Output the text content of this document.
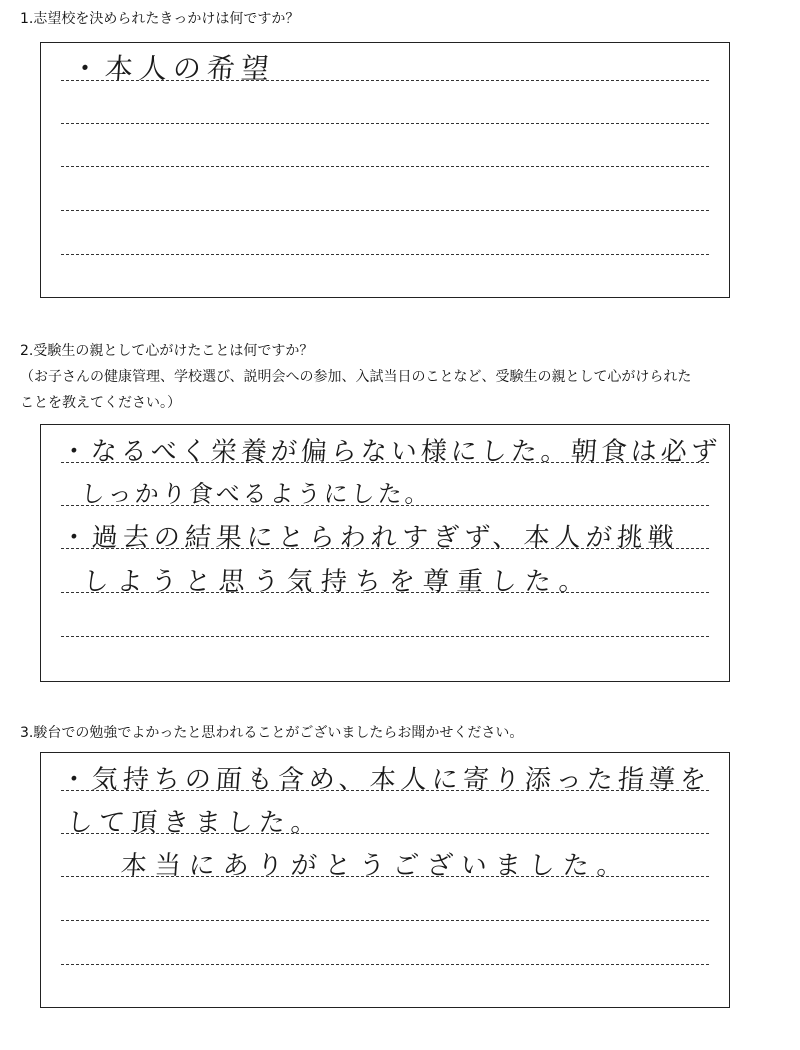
1.志望校を決められたきっかけは何ですか？
・本人の希望
2.受験生の親として心がけたことは何ですか？
（お子さんの健康管理、学校選び、説明会への参加、入試当日のことなど、受験生の親として心がけられた
ことを教えてください。）
・なるべく栄養が偏らない様にした。朝食は必ず
しっかり食べるようにした。
・過去の結果にとらわれすぎず、本人が挑戦
しようと思う気持ちを尊重した。
3.駿台での勉強でよかったと思われることがございましたらお聞かせください。
・気持ちの面も含め、本人に寄り添った指導を
して頂きました。
本当にありがとうございました。
